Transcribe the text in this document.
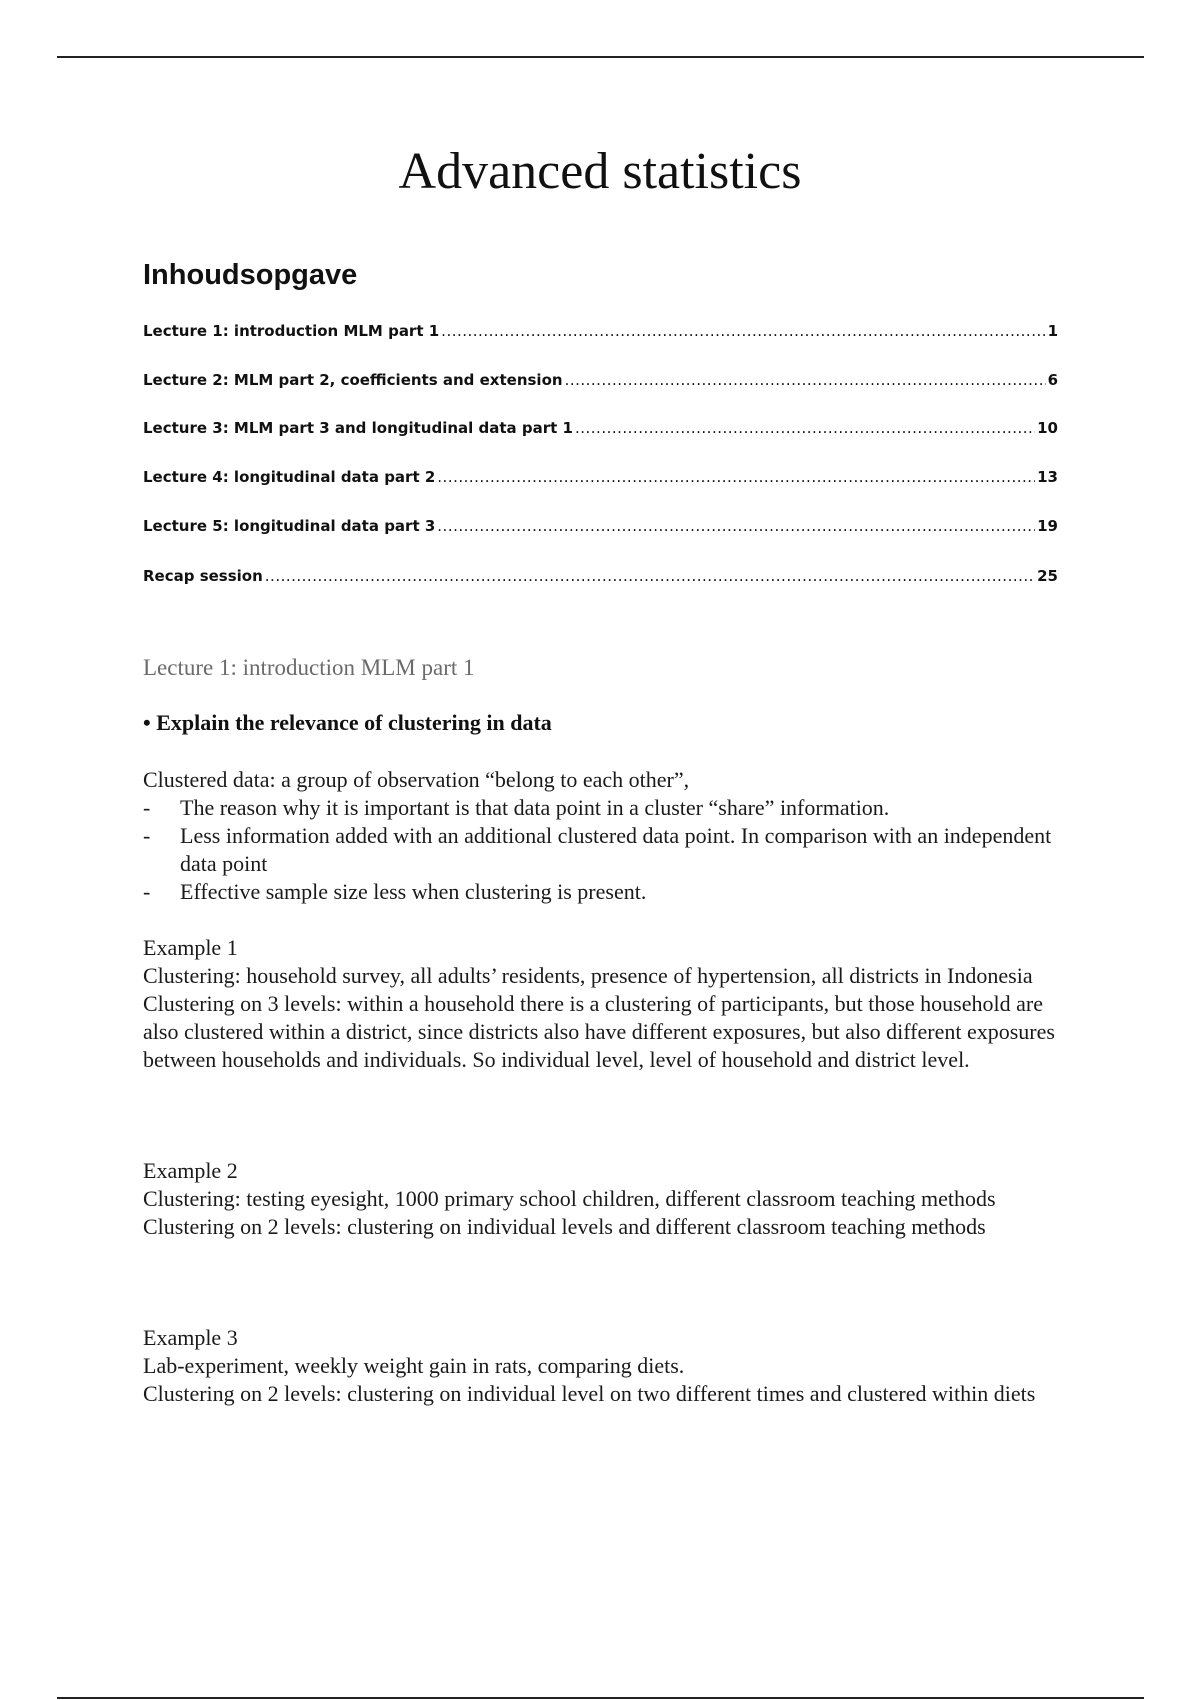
Advanced statistics
Inhoudsopgave
Lecture 1: introduction MLM part 1 .....	1
Lecture 2: MLM part 2, coefficients and extension .....	6
Lecture 3: MLM part 3 and longitudinal data part 1 .....	10
Lecture 4: longitudinal data part 2 .....	13
Lecture 5: longitudinal data part 3 .....	19
Recap session .....	25
Lecture 1: introduction MLM part 1

• Explain the relevance of clustering in data

Clustered data: a group of observation “belong to each other”,

- The reason why it is important is that data point in a cluster “share” information.
- Less information added with an additional clustered data point. In comparison with an independent data point
- Effective sample size less when clustering is present.

Example 1

Clustering: household survey, all adults’ residents, presence of hypertension, all districts in Indonesia

Clustering on 3 levels: within a household there is a clustering of participants, but those household are also clustered within a district, since districts also have different exposures, but also different exposures between households and individuals. So individual level, level of household and district level.

Example 2

Clustering: testing eyesight, 1000 primary school children, different classroom teaching methods

Clustering on 2 levels: clustering on individual levels and different classroom teaching methods

Example 3

Lab-experiment, weekly weight gain in rats, comparing diets.

Clustering on 2 levels: clustering on individual level on two different times and clustered within diets
